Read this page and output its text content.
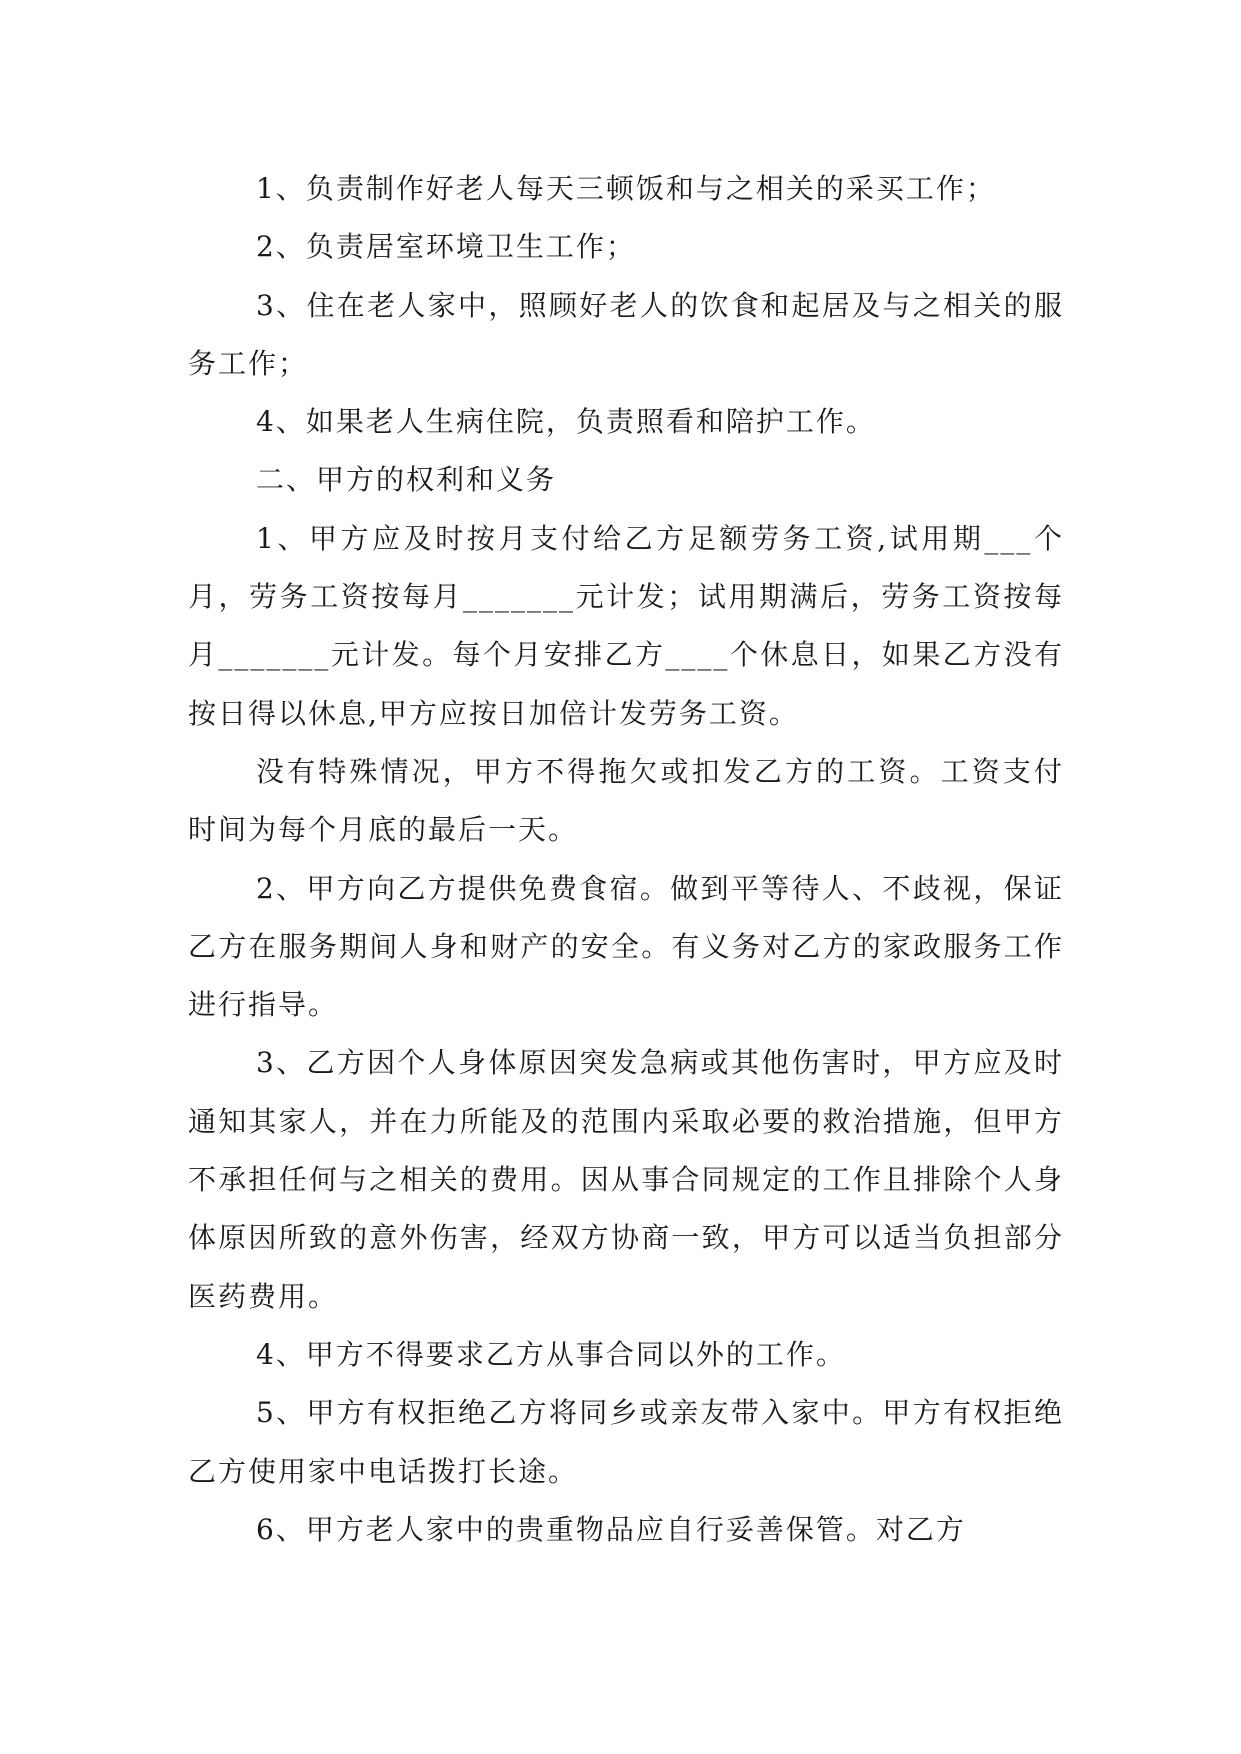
1、负责制作好老人每天三顿饭和与之相关的采买工作；

2、负责居室环境卫生工作；

3、住在老人家中，照顾好老人的饮食和起居及与之相关的服务工作；

4、如果老人生病住院，负责照看和陪护工作。

二、甲方的权利和义务

1、甲方应及时按月支付给乙方足额劳务工资,试用期___个月，劳务工资按每月_______元计发；试用期满后，劳务工资按每月_______元计发。每个月安排乙方____个休息日，如果乙方没有按日得以休息,甲方应按日加倍计发劳务工资。

没有特殊情况，甲方不得拖欠或扣发乙方的工资。工资支付时间为每个月底的最后一天。

2、甲方向乙方提供免费食宿。做到平等待人、不歧视，保证乙方在服务期间人身和财产的安全。有义务对乙方的家政服务工作进行指导。

3、乙方因个人身体原因突发急病或其他伤害时，甲方应及时通知其家人，并在力所能及的范围内采取必要的救治措施，但甲方不承担任何与之相关的费用。因从事合同规定的工作且排除个人身体原因所致的意外伤害，经双方协商一致，甲方可以适当负担部分医药费用。

4、甲方不得要求乙方从事合同以外的工作。

5、甲方有权拒绝乙方将同乡或亲友带入家中。甲方有权拒绝乙方使用家中电话拨打长途。

6、甲方老人家中的贵重物品应自行妥善保管。对乙方
